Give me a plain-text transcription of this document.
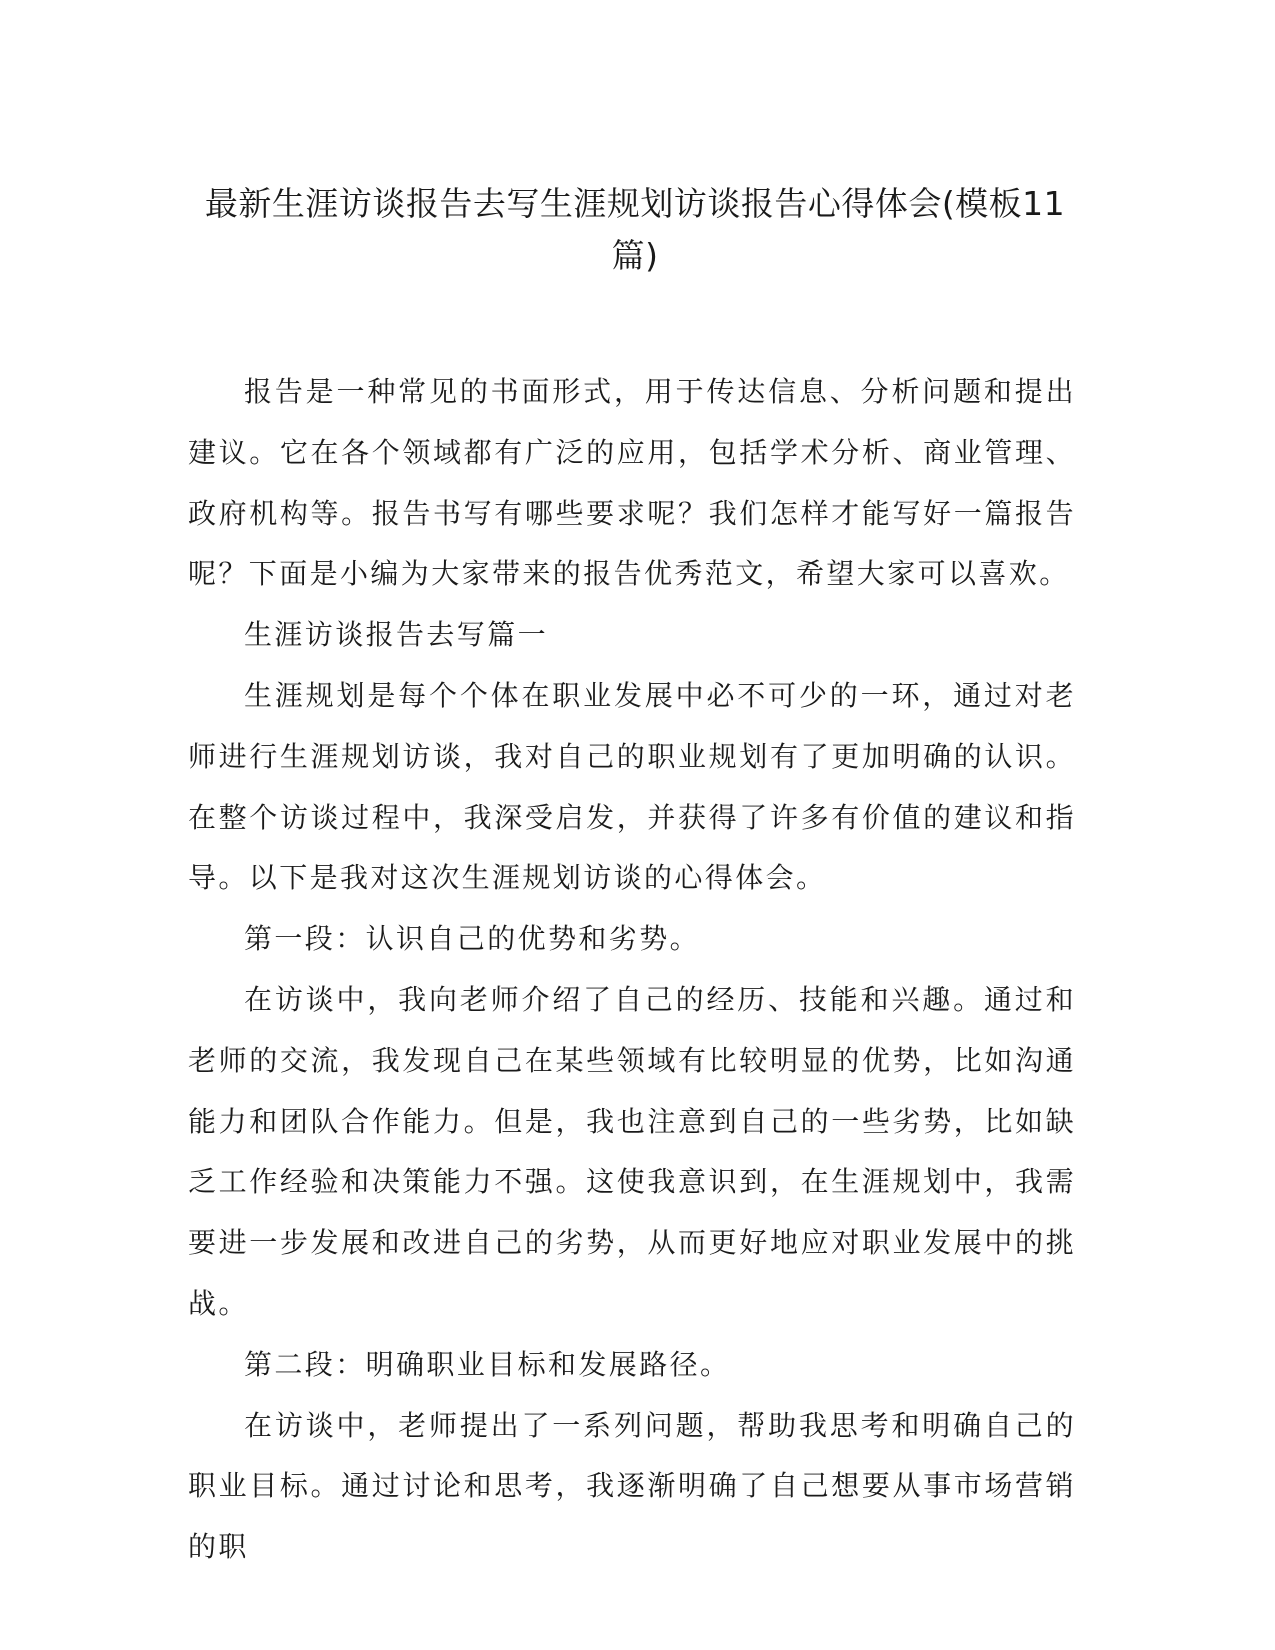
最新生涯访谈报告去写生涯规划访谈报告心得体会(模板11篇)

报告是一种常见的书面形式，用于传达信息、分析问题和提出建议。它在各个领域都有广泛的应用，包括学术分析、商业管理、政府机构等。报告书写有哪些要求呢？我们怎样才能写好一篇报告呢？下面是小编为大家带来的报告优秀范文，希望大家可以喜欢。

生涯访谈报告去写篇一

生涯规划是每个个体在职业发展中必不可少的一环，通过对老师进行生涯规划访谈，我对自己的职业规划有了更加明确的认识。在整个访谈过程中，我深受启发，并获得了许多有价值的建议和指导。以下是我对这次生涯规划访谈的心得体会。

第一段：认识自己的优势和劣势。

在访谈中，我向老师介绍了自己的经历、技能和兴趣。通过和老师的交流，我发现自己在某些领域有比较明显的优势，比如沟通能力和团队合作能力。但是，我也注意到自己的一些劣势，比如缺乏工作经验和决策能力不强。这使我意识到，在生涯规划中，我需要进一步发展和改进自己的劣势，从而更好地应对职业发展中的挑战。

第二段：明确职业目标和发展路径。

在访谈中，老师提出了一系列问题，帮助我思考和明确自己的职业目标。通过讨论和思考，我逐渐明确了自己想要从事市场营销的职
